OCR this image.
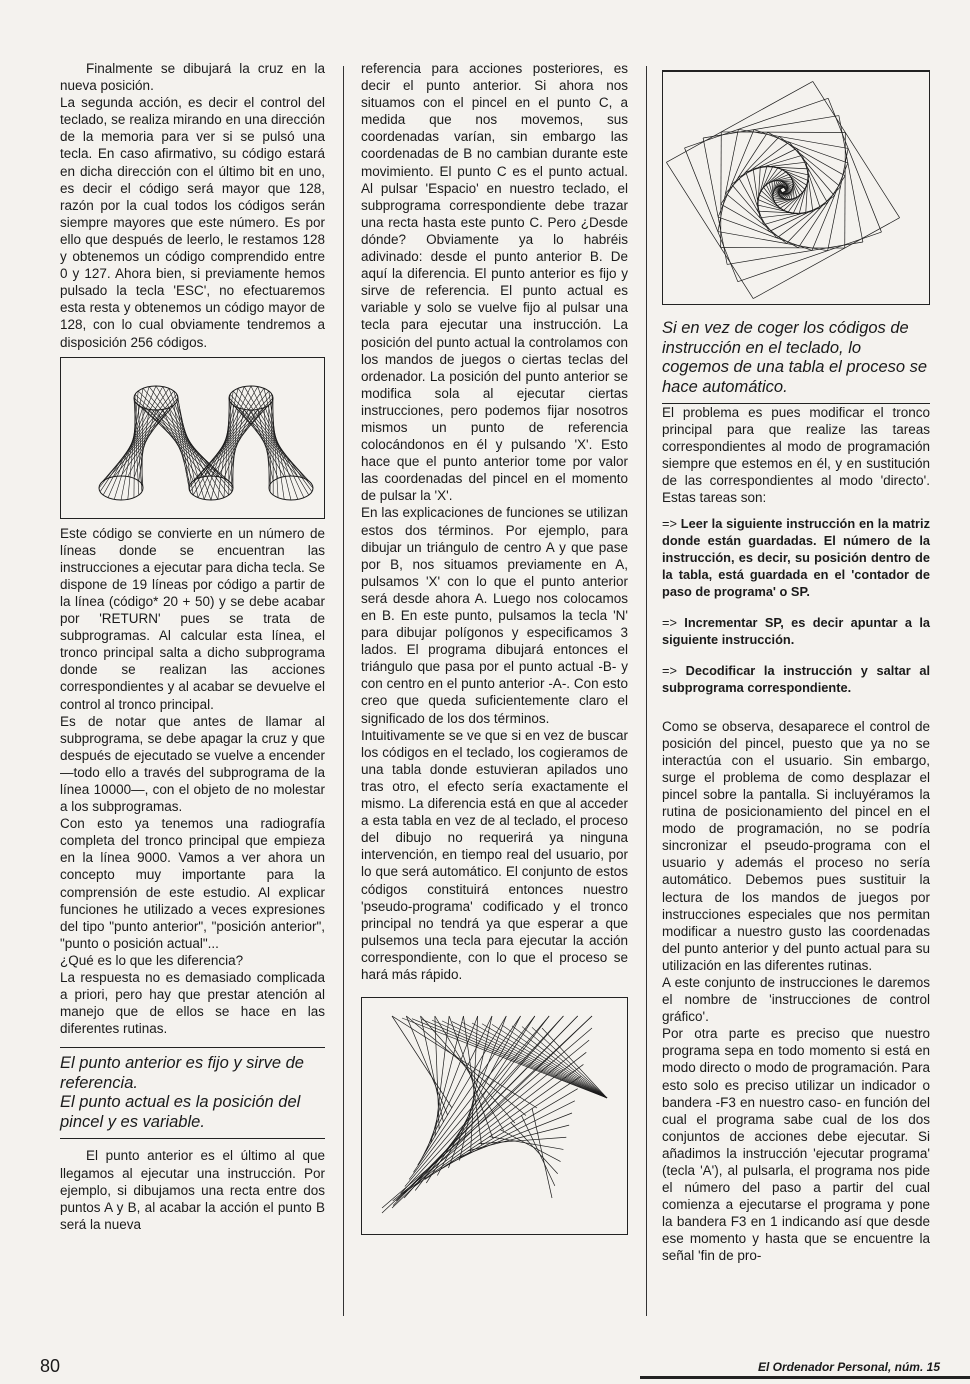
Finalmente se dibujará la cruz en la nueva posición.

La segunda acción, es decir el control del teclado, se realiza mirando en una dirección de la memoria para ver si se pulsó una tecla. En caso afirmativo, su código estará en dicha dirección con el último bit en uno, es decir el código será mayor que 128, razón por la cual todos los códigos serán siempre mayores que este número. Es por ello que después de leerlo, le restamos 128 y obtenemos un código comprendido entre 0 y 127. Ahora bien, si previamente hemos pulsado la tecla 'ESC', no efectuaremos esta resta y obtenemos un código mayor de 128, con lo cual obviamente tendremos a disposición 256 códigos.

Este código se convierte en un número de líneas donde se encuentran las instrucciones a ejecutar para dicha tecla. Se dispone de 19 líneas por código a partir de la línea (código* 20 + 50) y se debe acabar por 'RETURN' pues se trata de subprogramas. Al calcular esta línea, el tronco principal salta a dicho subprograma donde se realizan las acciones correspondientes y al acabar se devuelve el control al tronco principal.

Es de notar que antes de llamar al subprograma, se debe apagar la cruz y que después de ejecutado se vuelve a encender —todo ello a través del subprograma de la línea 10000—, con el objeto de no molestar a los subprogramas.

Con esto ya tenemos una radiografía completa del tronco principal que empieza en la línea 9000. Vamos a ver ahora un concepto muy importante para la comprensión de este estudio. Al explicar funciones he utilizado a veces expresiones del tipo "punto anterior", "posición anterior", "punto o posición actual"...

¿Qué es lo que les diferencia?

La respuesta no es demasiado complicada a priori, pero hay que prestar atención al manejo que de ellos se hace en las diferentes rutinas.

El punto anterior es fijo y sirve de referencia.
El punto actual es la posición del pincel y es variable.

El punto anterior es el último al que llegamos al ejecutar una instrucción. Por ejemplo, si dibujamos una recta entre dos puntos A y B, al acabar la acción el punto B será la nueva

referencia para acciones posteriores, es decir el punto anterior. Si ahora nos situamos con el pincel en el punto C, a medida que nos movemos, sus coordenadas varían, sin embargo las coordenadas de B no cambian durante este movimiento. El punto C es el punto actual. Al pulsar 'Espacio' en nuestro teclado, el subprograma correspondiente debe trazar una recta hasta este punto C. Pero ¿Desde dónde? Obviamente ya lo habréis adivinado: desde el punto anterior B. De aquí la diferencia. El punto anterior es fijo y sirve de referencia. El punto actual es variable y solo se vuelve fijo al pulsar una tecla para ejecutar una instrucción. La posición del punto actual la controlamos con los mandos de juegos o ciertas teclas del ordenador. La posición del punto anterior se modifica sola al ejecutar ciertas instrucciones, pero podemos fijar nosotros mismos un punto de referencia colocándonos en él y pulsando 'X'. Esto hace que el punto anterior tome por valor las coordenadas del pincel en el momento de pulsar la 'X'.

En las explicaciones de funciones se utilizan estos dos términos. Por ejemplo, para dibujar un triángulo de centro A y que pase por B, nos situamos previamente en A, pulsamos 'X' con lo que el punto anterior será desde ahora A. Luego nos colocamos en B. En este punto, pulsamos la tecla 'N' para dibujar polígonos y especificamos 3 lados. El programa dibujará entonces el triángulo que pasa por el punto actual -B- y con centro en el punto anterior -A-. Con esto creo que queda suficientemente claro el significado de los dos términos.

Intuitivamente se ve que si en vez de buscar los códigos en el teclado, los cogieramos de una tabla donde estuvieran apilados uno tras otro, el efecto sería exactamente el mismo. La diferencia está en que al acceder a esta tabla en vez de al teclado, el proceso del dibujo no requerirá ya ninguna intervención, en tiempo real del usuario, por lo que será automático. El conjunto de estos códigos constituirá entonces nuestro 'pseudo-programa' codificado y el tronco principal no tendrá ya que esperar a que pulsemos una tecla para ejecutar la acción correspondiente, con lo que el proceso se hará más rápido.

Si en vez de coger los códigos de instrucción en el teclado, lo cogemos de una tabla el proceso se hace automático.

El problema es pues modificar el tronco principal para que realize las tareas correspondientes al modo de programación siempre que estemos en él, y en sustitución de las correspondientes al modo 'directo'. Estas tareas son:

=> Leer la siguiente instrucción en la matriz donde están guardadas. El número de la instrucción, es decir, su posición dentro de la tabla, está guardada en el 'contador de paso de programa' o SP.

=> Incrementar SP, es decir apuntar a la siguiente instrucción.

=> Decodificar la instrucción y saltar al subprograma correspondiente.

Como se observa, desaparece el control de posición del pincel, puesto que ya no se interactúa con el usuario. Sin embargo, surge el problema de como desplazar el pincel sobre la pantalla. Si incluyéramos la rutina de posicionamiento del pincel en el modo de programación, no se podría sincronizar el pseudo-programa con el usuario y además el proceso no sería automático. Debemos pues sustituir la lectura de los mandos de juegos por instrucciones especiales que nos permitan modificar a nuestro gusto las coordenadas del punto anterior y del punto actual para su utilización en las diferentes rutinas.

A este conjunto de instrucciones le daremos el nombre de 'instrucciones de control gráfico'.

Por otra parte es preciso que nuestro programa sepa en todo momento si está en modo directo o modo de programación. Para esto solo es preciso utilizar un indicador o bandera -F3 en nuestro caso- en función del cual el programa sabe cual de los dos conjuntos de acciones debe ejecutar. Si añadimos la instrucción 'ejecutar programa' (tecla 'A'), al pulsarla, el programa nos pide el número del paso a partir del cual comienza a ejecutarse el programa y pone la bandera F3 en 1 indicando así que desde ese momento y hasta que se encuentre la señal 'fin de pro-

80	El Ordenador Personal, núm. 15
